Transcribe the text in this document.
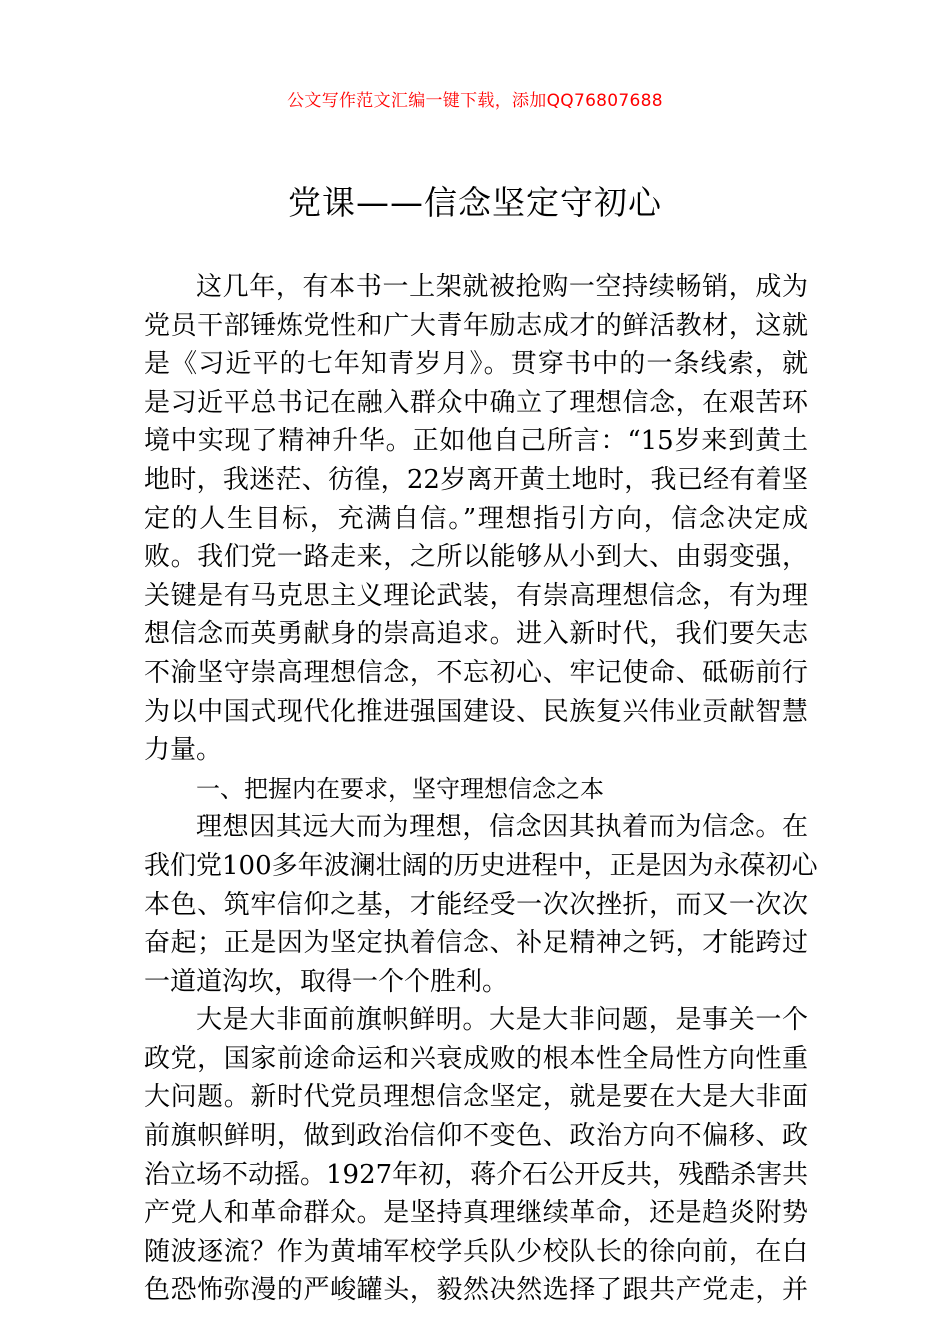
公文写作范文汇编一键下载，添加QQ76807688
党课——信念坚定守初心
这几年，有本书一上架就被抢购一空持续畅销，成为
党员干部锤炼党性和广大青年励志成才的鲜活教材，这就
是《习近平的七年知青岁月》。贯穿书中的一条线索，就
是习近平总书记在融入群众中确立了理想信念，在艰苦环
境中实现了精神升华。正如他自己所言：“15岁来到黄土
地时，我迷茫、彷徨，22岁离开黄土地时，我已经有着坚
定的人生目标，充满自信。”理想指引方向，信念决定成
败。我们党一路走来，之所以能够从小到大、由弱变强，
关键是有马克思主义理论武装，有崇高理想信念，有为理
想信念而英勇献身的崇高追求。进入新时代，我们要矢志
不渝坚守崇高理想信念，不忘初心、牢记使命、砥砺前行
为以中国式现代化推进强国建设、民族复兴伟业贡献智慧
力量。
一、把握内在要求，坚守理想信念之本
理想因其远大而为理想，信念因其执着而为信念。在
我们党100多年波澜壮阔的历史进程中，正是因为永葆初心
本色、筑牢信仰之基，才能经受一次次挫折，而又一次次
奋起；正是因为坚定执着信念、补足精神之钙，才能跨过
一道道沟坎，取得一个个胜利。
大是大非面前旗帜鲜明。大是大非问题，是事关一个
政党，国家前途命运和兴衰成败的根本性全局性方向性重
大问题。新时代党员理想信念坚定，就是要在大是大非面
前旗帜鲜明，做到政治信仰不变色、政治方向不偏移、政
治立场不动摇。1927年初，蒋介石公开反共，残酷杀害共
产党人和革命群众。是坚持真理继续革命，还是趋炎附势
随波逐流？作为黄埔军校学兵队少校队长的徐向前，在白
色恐怖弥漫的严峻罐头，毅然决然选择了跟共产党走，并
